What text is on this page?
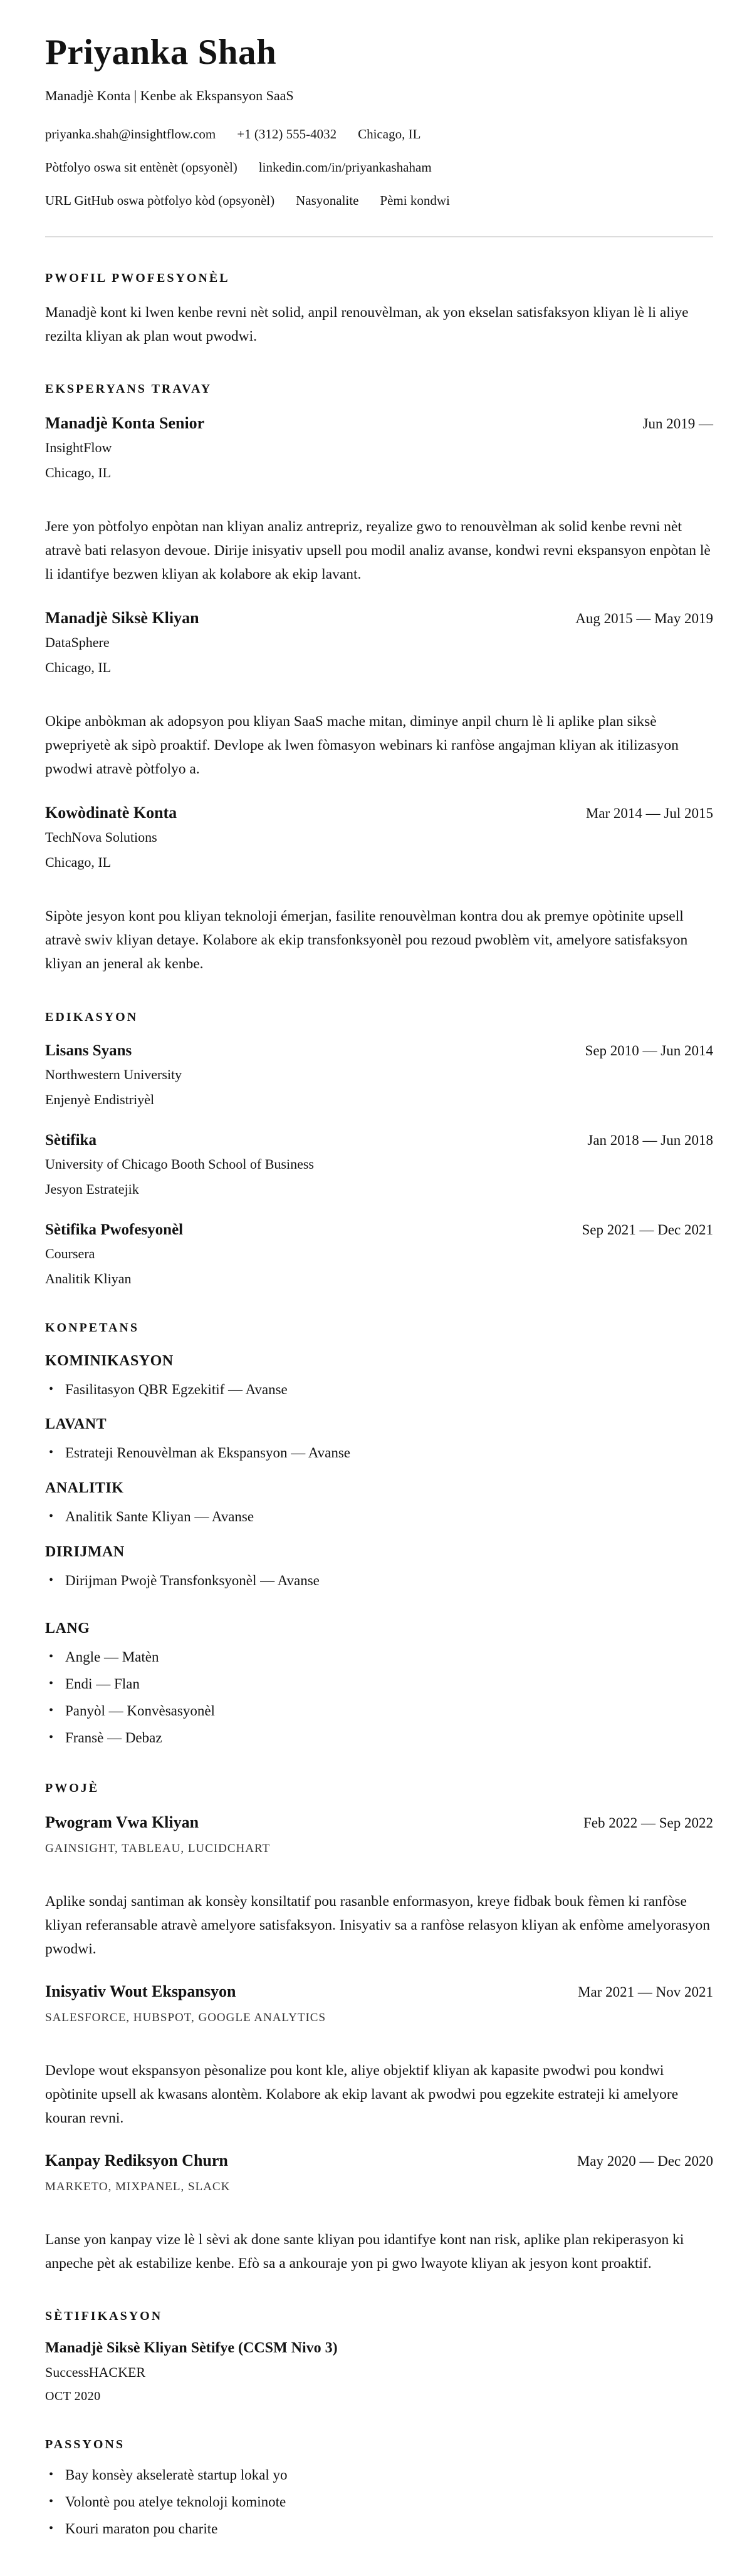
Priyanka Shah
Manadjè Konta | Kenbe ak Ekspansyon SaaS
priyanka.shah@insightflow.com +1 (312) 555-4032 Chicago, IL
Pòtfolyo oswa sit entènèt (opsyonèl) linkedin.com/in/priyankashaham
URL GitHub oswa pòtfolyo kòd (opsyonèl) Nasyonalite Pèmi kondwi
PWOFIL PWOFESYONÈL

Manadjè kont ki lwen kenbe revni nèt solid, anpil renouvèlman, ak yon ekselan satisfaksyon kliyan lè li aliye rezilta kliyan ak plan wout pwodwi.

EKSPERYANS TRAVAY
Manadjè Konta Senior	Jun 2019 —
InsightFlow
Chicago, IL

Jere yon pòtfolyo enpòtan nan kliyan analiz antrepriz, reyalize gwo to renouvèlman ak solid kenbe revni nèt atravè bati relasyon devoue. Dirije inisyativ upsell pou modil analiz avanse, kondwi revni ekspansyon enpòtan lè li idantifye bezwen kliyan ak kolabore ak ekip lavant.

Manadjè Siksè Kliyan	Aug 2015 — May 2019
DataSphere
Chicago, IL

Okipe anbòkman ak adopsyon pou kliyan SaaS mache mitan, diminye anpil churn lè li aplike plan siksè pwepriyetè ak sipò proaktif. Devlope ak lwen fòmasyon webinars ki ranfòse angajman kliyan ak itilizasyon pwodwi atravè pòtfolyo a.

Kowòdinatè Konta	Mar 2014 — Jul 2015
TechNova Solutions
Chicago, IL

Sipòte jesyon kont pou kliyan teknoloji émerjan, fasilite renouvèlman kontra dou ak premye opòtinite upsell atravè swiv kliyan detaye. Kolabore ak ekip transfonksyonèl pou rezoud pwoblèm vit, amelyore satisfaksyon kliyan an jeneral ak kenbe.

EDIKASYON
Lisans Syans	Sep 2010 — Jun 2014
Northwestern University
Enjenyè Endistriyèl
Sètifika	Jan 2018 — Jun 2018
University of Chicago Booth School of Business
Jesyon Estratejik
Sètifika Pwofesyonèl	Sep 2021 — Dec 2021
Coursera
Analitik Kliyan
KONPETANS
KOMINIKASYON
• Fasilitasyon QBR Egzekitif — Avanse
LAVANT
• Estrateji Renouvèlman ak Ekspansyon — Avanse
ANALITIK
• Analitik Sante Kliyan — Avanse
DIRIJMAN
• Dirijman Pwojè Transfonksyonèl — Avanse
LANG
• Angle — Matèn
• Endi — Flan
• Panyòl — Konvèsasyonèl
• Fransè — Debaz
PWOJÈ
Pwogram Vwa Kliyan	Feb 2022 — Sep 2022
GAINSIGHT, TABLEAU, LUCIDCHART

Aplike sondaj santiman ak konsèy konsiltatif pou rasanble enformasyon, kreye fidbak bouk fèmen ki ranfòse kliyan referansable atravè amelyore satisfaksyon. Inisyativ sa a ranfòse relasyon kliyan ak enfòme amelyorasyon pwodwi.

Inisyativ Wout Ekspansyon	Mar 2021 — Nov 2021
SALESFORCE, HUBSPOT, GOOGLE ANALYTICS

Devlope wout ekspansyon pèsonalize pou kont kle, aliye objektif kliyan ak kapasite pwodwi pou kondwi opòtinite upsell ak kwasans alontèm. Kolabore ak ekip lavant ak pwodwi pou egzekite estrateji ki amelyore kouran revni.

Kanpay Rediksyon Churn	May 2020 — Dec 2020
MARKETO, MIXPANEL, SLACK

Lanse yon kanpay vize lè l sèvi ak done sante kliyan pou idantifye kont nan risk, aplike plan rekiperasyon ki anpeche pèt ak estabilize kenbe. Efò sa a ankouraje yon pi gwo lwayote kliyan ak jesyon kont proaktif.

SÈTIFIKASYON
Manadjè Siksè Kliyan Sètifye (CCSM Nivo 3)
SuccessHACKER
OCT 2020
PASSYONS
• Bay konsèy akseleratè startup lokal yo
• Volontè pou atelye teknoloji kominote
• Kouri maraton pou charite
